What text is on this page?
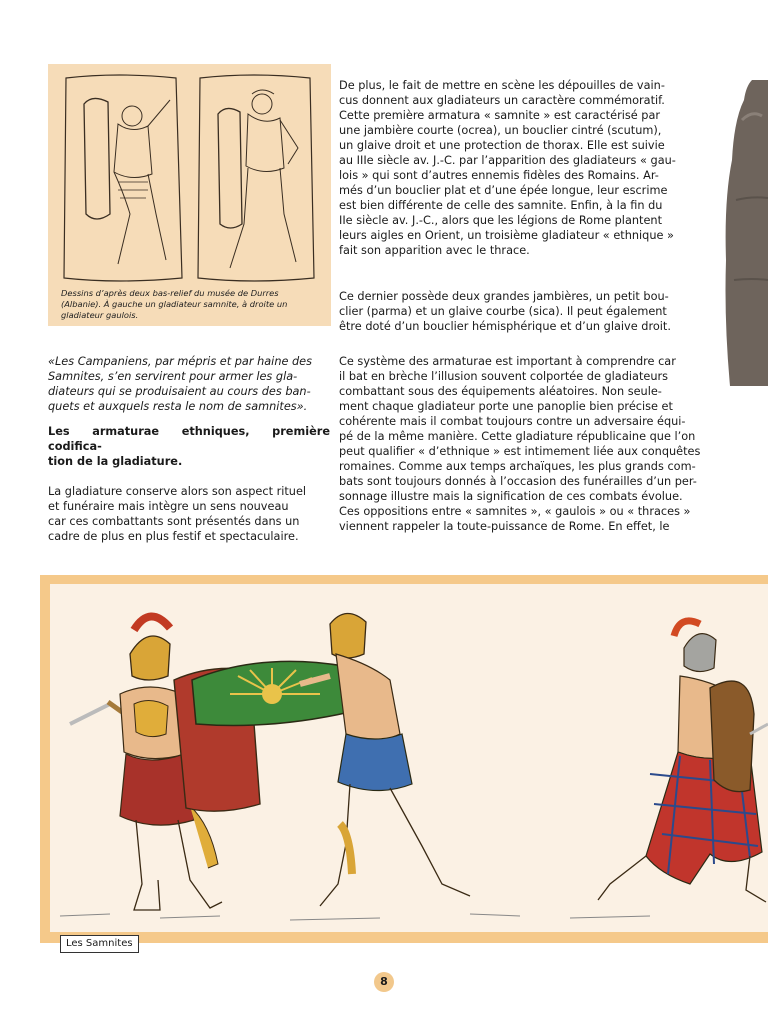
Dessins d’après deux bas-relief du musée de Durres (Albanie). À gauche un gladiateur samnite, à droite un gladiateur gaulois.
De plus, le fait de mettre en scène les dépouilles de vain-
cus donnent aux gladiateurs un caractère commémoratif.
Cette première armatura « samnite » est caractérisé par
une jambière courte (ocrea), un bouclier cintré (scutum),
un glaive droit et une protection de thorax. Elle est suivie
au IIIe siècle av. J.-C. par l’apparition des gladiateurs « gau-
lois » qui sont d’autres ennemis fidèles des Romains. Ar-
més d’un bouclier plat et d’une épée longue, leur escrime
est bien différente de celle des samnite. Enfin, à la fin du
IIe siècle av. J.-C., alors que les légions de Rome plantent
leurs aigles en Orient, un troisième gladiateur « ethnique »
fait son apparition avec le thrace.
Ce dernier possède deux grandes jambières, un petit bou-
clier (parma) et un glaive courbe (sica). Il peut également
être doté d’un bouclier hémisphérique et d’un glaive droit.
Ce système des armaturae est important à comprendre car
il bat en brèche l’illusion souvent colportée de gladiateurs
combattant sous des équipements aléatoires. Non seule-
ment chaque gladiateur porte une panoplie bien précise et
cohérente mais il combat toujours contre un adversaire équi-
pé de la même manière. Cette gladiature républicaine que l’on
peut qualifier « d’ethnique » est intimement liée aux conquêtes
romaines. Comme aux temps archaïques, les plus grands com-
bats sont toujours donnés à l’occasion des funérailles d’un per-
sonnage illustre mais la signification de ces combats évolue.
Ces oppositions entre « samnites », « gaulois » ou « thraces »
viennent rappeler la toute-puissance de Rome. En effet, le
«Les Campaniens, par mépris et par haine des
Samnites, s’en servirent pour armer les gla-
diateurs qui se produisaient au cours des ban-
quets et auxquels resta le nom de samnites».
Les armaturae ethniques, première codifica-
tion de la gladiature.
La gladiature conserve alors son aspect rituel
et funéraire mais intègre un sens nouveau
car ces combattants sont présentés dans un
cadre de plus en plus festif et spectaculaire.
Les Samnites
8
